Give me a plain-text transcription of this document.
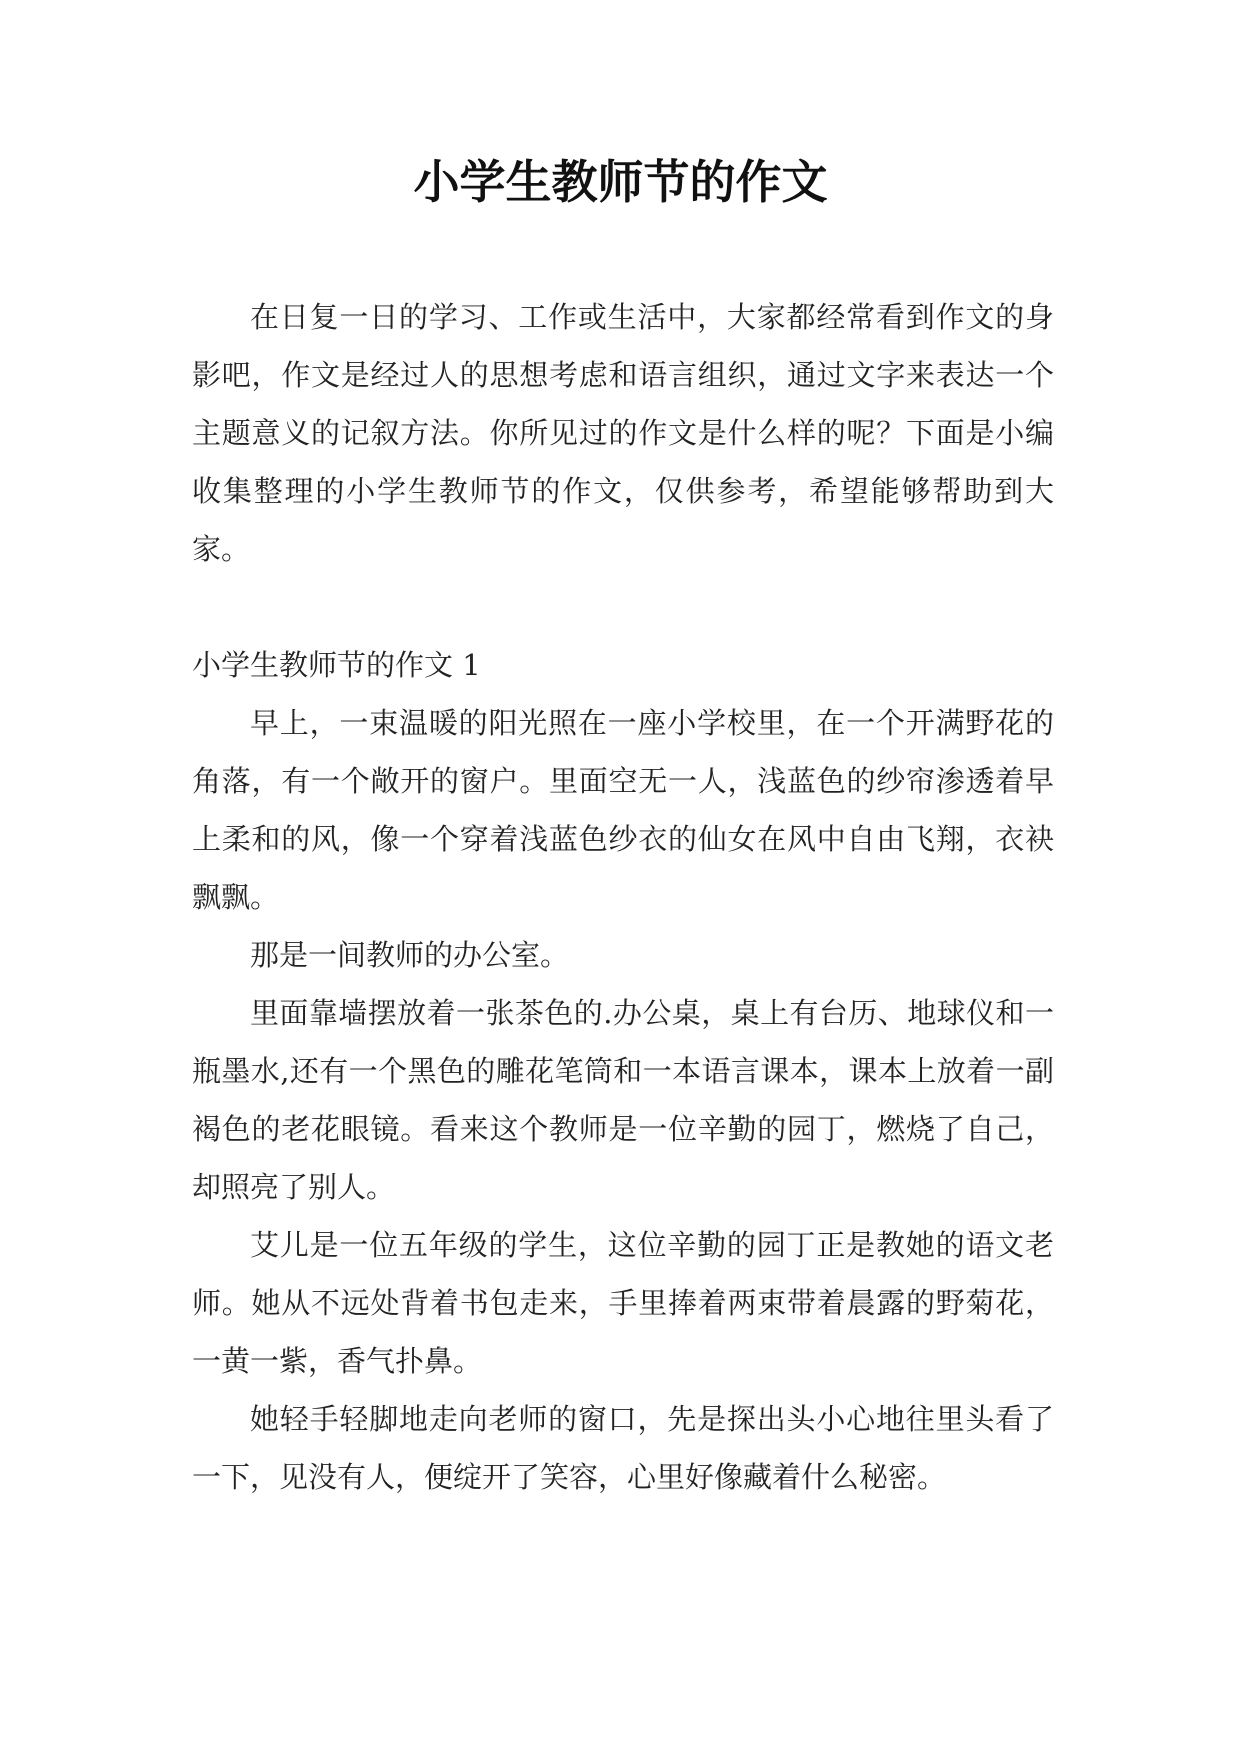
小学生教师节的作文

在日复一日的学习、工作或生活中，大家都经常看到作文的身影吧，作文是经过人的思想考虑和语言组织，通过文字来表达一个主题意义的记叙方法。你所见过的作文是什么样的呢？下面是小编收集整理的小学生教师节的作文，仅供参考，希望能够帮助到大家。

小学生教师节的作文 1

早上，一束温暖的阳光照在一座小学校里，在一个开满野花的角落，有一个敞开的窗户。里面空无一人，浅蓝色的纱帘渗透着早上柔和的风，像一个穿着浅蓝色纱衣的仙女在风中自由飞翔，衣袂飘飘。

那是一间教师的办公室。

里面靠墙摆放着一张茶色的.办公桌，桌上有台历、地球仪和一瓶墨水,还有一个黑色的雕花笔筒和一本语言课本，课本上放着一副褐色的老花眼镜。看来这个教师是一位辛勤的园丁，燃烧了自己，却照亮了别人。

艾儿是一位五年级的学生，这位辛勤的园丁正是教她的语文老师。她从不远处背着书包走来，手里捧着两束带着晨露的野菊花，一黄一紫，香气扑鼻。

她轻手轻脚地走向老师的窗口，先是探出头小心地往里头看了一下，见没有人，便绽开了笑容，心里好像藏着什么秘密。
